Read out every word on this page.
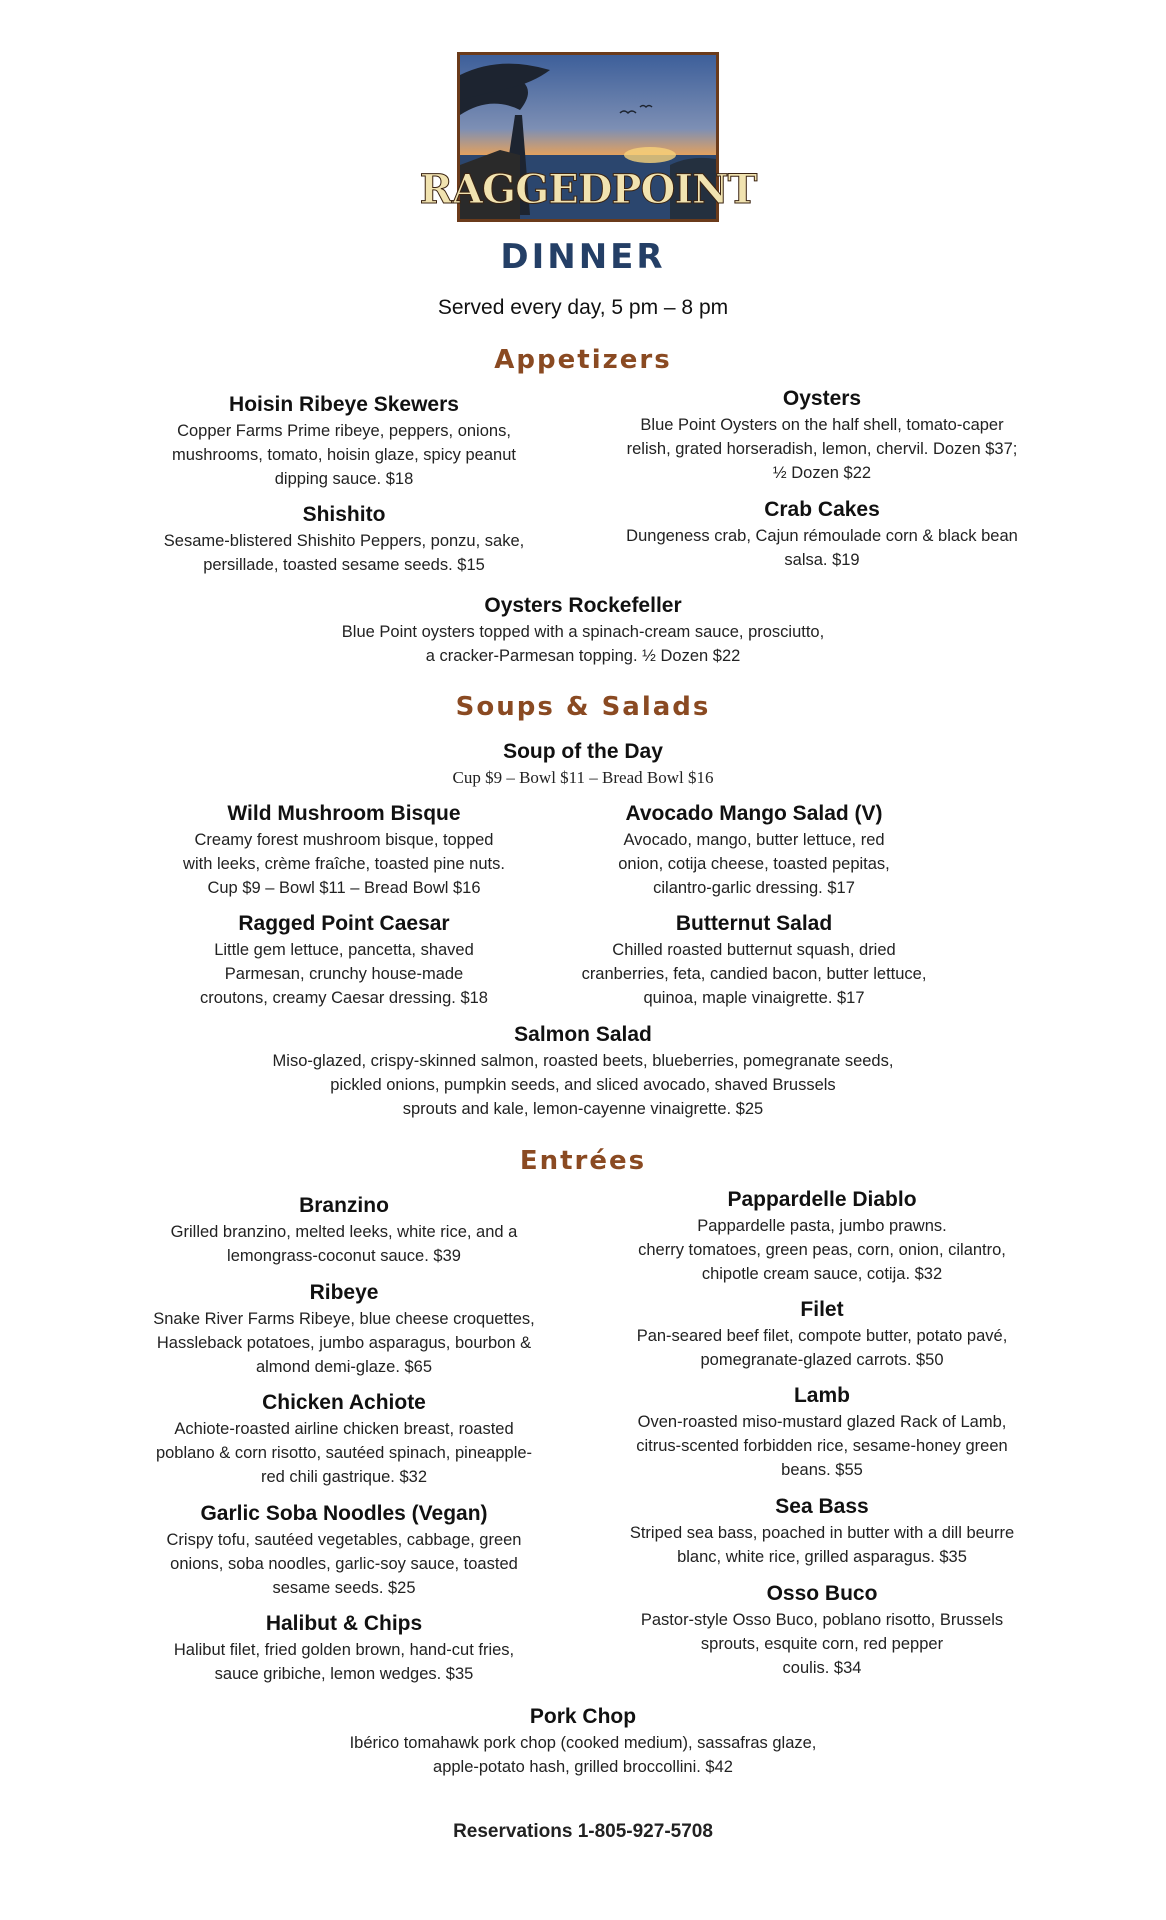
RAGGEDPOINT
DINNER
Served every day, 5 pm – 8 pm
Appetizers
Hoisin Ribeye Skewers
Copper Farms Prime ribeye, peppers, onions,
mushrooms, tomato, hoisin glaze, spicy peanut
dipping sauce. $18
Oysters
Blue Point Oysters on the half shell, tomato-caper
relish, grated horseradish, lemon, chervil. Dozen $37;
½ Dozen $22
Shishito
Sesame-blistered Shishito Peppers, ponzu, sake,
persillade, toasted sesame seeds. $15
Crab Cakes
Dungeness crab, Cajun rémoulade corn & black bean
salsa. $19
Oysters Rockefeller
Blue Point oysters topped with a spinach-cream sauce, prosciutto,
a cracker-Parmesan topping. ½ Dozen $22
Soups & Salads
Soup of the Day
Cup $9 – Bowl $11 – Bread Bowl $16
Wild Mushroom Bisque
Creamy forest mushroom bisque, topped
with leeks, crème fraîche, toasted pine nuts.
Cup $9 – Bowl $11 – Bread Bowl $16
Avocado Mango Salad (V)
Avocado, mango, butter lettuce, red
onion, cotija cheese, toasted pepitas,
cilantro-garlic dressing. $17
Ragged Point Caesar
Little gem lettuce, pancetta, shaved
Parmesan, crunchy house-made
croutons, creamy Caesar dressing. $18
Butternut Salad
Chilled roasted butternut squash, dried
cranberries, feta, candied bacon, butter lettuce,
quinoa, maple vinaigrette. $17
Salmon Salad
Miso-glazed, crispy-skinned salmon, roasted beets, blueberries, pomegranate seeds,
pickled onions, pumpkin seeds, and sliced avocado, shaved Brussels
sprouts and kale, lemon-cayenne vinaigrette. $25
Entrées
Branzino
Grilled branzino, melted leeks, white rice, and a
lemongrass-coconut sauce. $39
Pappardelle Diablo
Pappardelle pasta, jumbo prawns.
cherry tomatoes, green peas, corn, onion, cilantro,
chipotle cream sauce, cotija. $32
Ribeye
Snake River Farms Ribeye, blue cheese croquettes,
Hassleback potatoes, jumbo asparagus, bourbon &
almond demi-glaze. $65
Filet
Pan-seared beef filet, compote butter, potato pavé,
pomegranate-glazed carrots. $50
Chicken Achiote
Achiote-roasted airline chicken breast, roasted
poblano & corn risotto, sautéed spinach, pineapple-
red chili gastrique. $32
Lamb
Oven-roasted miso-mustard glazed Rack of Lamb,
citrus-scented forbidden rice, sesame-honey green
beans. $55
Garlic Soba Noodles (Vegan)
Crispy tofu, sautéed vegetables, cabbage, green
onions, soba noodles, garlic-soy sauce, toasted
sesame seeds. $25
Sea Bass
Striped sea bass, poached in butter with a dill beurre
blanc, white rice, grilled asparagus. $35
Halibut & Chips
Halibut filet, fried golden brown, hand-cut fries,
sauce gribiche, lemon wedges. $35
Osso Buco
Pastor-style Osso Buco, poblano risotto, Brussels
sprouts, esquite corn, red pepper
coulis. $34
Pork Chop
Ibérico tomahawk pork chop (cooked medium), sassafras glaze,
apple-potato hash, grilled broccollini. $42
Reservations 1-805-927-5708
